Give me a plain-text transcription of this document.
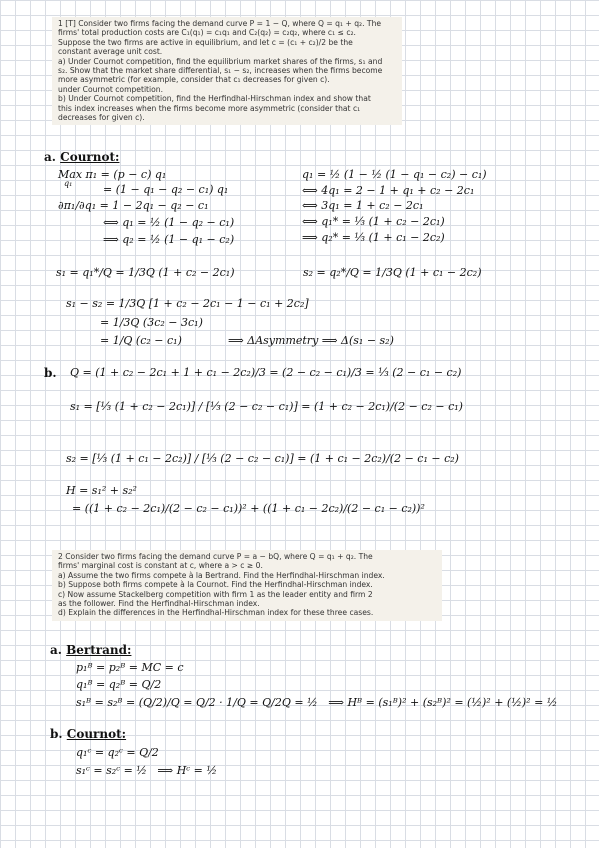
1 [T] Consider two firms facing the demand curve P = 1 − Q, where Q = q₁ + q₂. The

firms' total production costs are C₁(q₁) = c₁q₁ and C₂(q₂) = c₂q₂, where c₁ ≤ c₂.

Suppose the two firms are active in equilibrium, and let c = (c₁ + c₂)/2 be the

constant average unit cost.

a) Under Cournot competition, find the equilibrium market shares of the firms, s₁ and

s₂. Show that the market share differential, s₁ − s₂, increases when the firms become

more asymmetric (for example, consider that c₁ decreases for given c).

under Cournot competition.

b) Under Cournot competition, find the Herfindhal-Hirschman index and show that

this index increases when the firms become more asymmetric (consider that c₁

decreases for given c).

a. Cournot:
Max π₁ = (p − c) q₁
q₁	= (1 − q₁ − q₂ − c₁) q₁
∂π₁/∂q₁ = 1 − 2q₁ − q₂ − c₁
⟺ q₁ = ½ (1 − q₂ − c₁)
⟹ q₂ = ½ (1 − q₁ − c₂)
q₁ = ½ (1 − ½ (1 − q₁ − c₂) − c₁)
⟺ 4q₁ = 2 − 1 + q₁ + c₂ − 2c₁
⟺ 3q₁ = 1 + c₂ − 2c₁
⟺ q₁* = ⅓ (1 + c₂ − 2c₁)
⟹ q₂* = ⅓ (1 + c₁ − 2c₂)
s₁ = q₁*/Q = 1/3Q (1 + c₂ − 2c₁)	s₂ = q₂*/Q = 1/3Q (1 + c₁ − 2c₂)
s₁ − s₂ = 1/3Q [1 + c₂ − 2c₁ − 1 − c₁ + 2c₂]
= 1/3Q (3c₂ − 3c₁)
= 1/Q (c₂ − c₁)	⟹ ΔAsymmetry ⟹ Δ(s₁ − s₂)
b. Q = (1 + c₂ − 2c₁ + 1 + c₁ − 2c₂)/3 = (2 − c₂ − c₁)/3 = ⅓ (2 − c₁ − c₂)
s₁ = [⅓ (1 + c₂ − 2c₁)] / [⅓ (2 − c₂ − c₁)] = (1 + c₂ − 2c₁)/(2 − c₂ − c₁)
s₂ = [⅓ (1 + c₁ − 2c₂)] / [⅓ (2 − c₂ − c₁)] = (1 + c₁ − 2c₂)/(2 − c₁ − c₂)
H = s₁² + s₂²
= ((1 + c₂ − 2c₁)/(2 − c₂ − c₁))² + ((1 + c₁ − 2c₂)/(2 − c₁ − c₂))²

2 Consider two firms facing the demand curve P = a − bQ, where Q = q₁ + q₂. The

firms' marginal cost is constant at c, where a > c ≥ 0.

a) Assume the two firms compete à la Bertrand. Find the Herfindhal-Hirschman index.

b) Suppose both firms compete à la Cournot. Find the Herfindhal-Hirschman index.

c) Now assume Stackelberg competition with firm 1 as the leader entity and firm 2

as the follower. Find the Herfindhal-Hirschman index.

d) Explain the differences in the Herfindhal-Hirschman index for these three cases.

a. Bertrand:
p₁ᴮ = p₂ᴮ = MC = c
q₁ᴮ = q₂ᴮ = Q/2
s₁ᴮ = s₂ᴮ = (Q/2)/Q = Q/2 · 1/Q = Q/2Q = ½   ⟹ Hᴮ = (s₁ᴮ)² + (s₂ᴮ)² = (½)² + (½)² = ½
b. Cournot:
q₁ᶜ = q₂ᶜ = Q/2
s₁ᶜ = s₂ᶜ = ½   ⟹ Hᶜ = ½
